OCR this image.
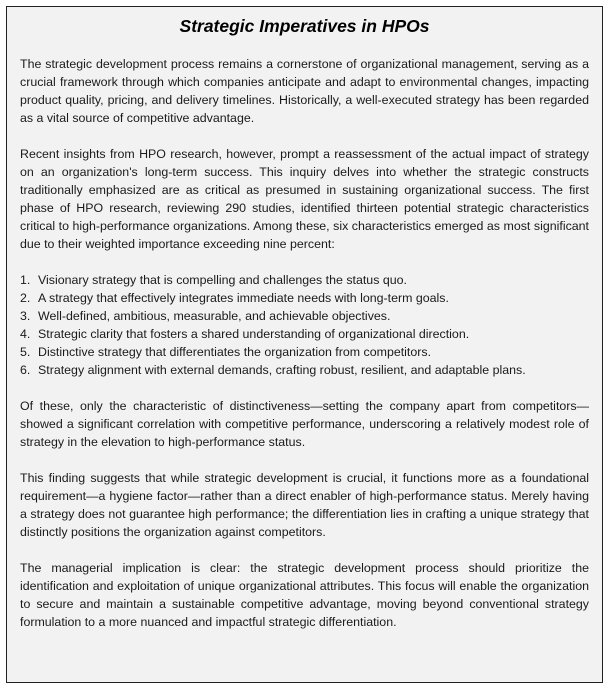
Strategic Imperatives in HPOs

The strategic development process remains a cornerstone of organizational management, serving as a crucial framework through which companies anticipate and adapt to environmental changes, impacting product quality, pricing, and delivery timelines. Historically, a well-executed strategy has been regarded as a vital source of competitive advantage.

Recent insights from HPO research, however, prompt a reassessment of the actual impact of strategy on an organization's long-term success. This inquiry delves into whether the strategic constructs traditionally emphasized are as critical as presumed in sustaining organizational success. The first phase of HPO research, reviewing 290 studies, identified thirteen potential strategic characteristics critical to high-performance organizations. Among these, six characteristics emerged as most significant due to their weighted importance exceeding nine percent:

1. Visionary strategy that is compelling and challenges the status quo.
2. A strategy that effectively integrates immediate needs with long-term goals.
3. Well-defined, ambitious, measurable, and achievable objectives.
4. Strategic clarity that fosters a shared understanding of organizational direction.
5. Distinctive strategy that differentiates the organization from competitors.
6. Strategy alignment with external demands, crafting robust, resilient, and adaptable plans.

Of these, only the characteristic of distinctiveness—setting the company apart from competitors—showed a significant correlation with competitive performance, underscoring a relatively modest role of strategy in the elevation to high-performance status.

This finding suggests that while strategic development is crucial, it functions more as a foundational requirement—a hygiene factor—rather than a direct enabler of high-performance status. Merely having a strategy does not guarantee high performance; the differentiation lies in crafting a unique strategy that distinctly positions the organization against competitors.

The managerial implication is clear: the strategic development process should prioritize the identification and exploitation of unique organizational attributes. This focus will enable the organization to secure and maintain a sustainable competitive advantage, moving beyond conventional strategy formulation to a more nuanced and impactful strategic differentiation.
